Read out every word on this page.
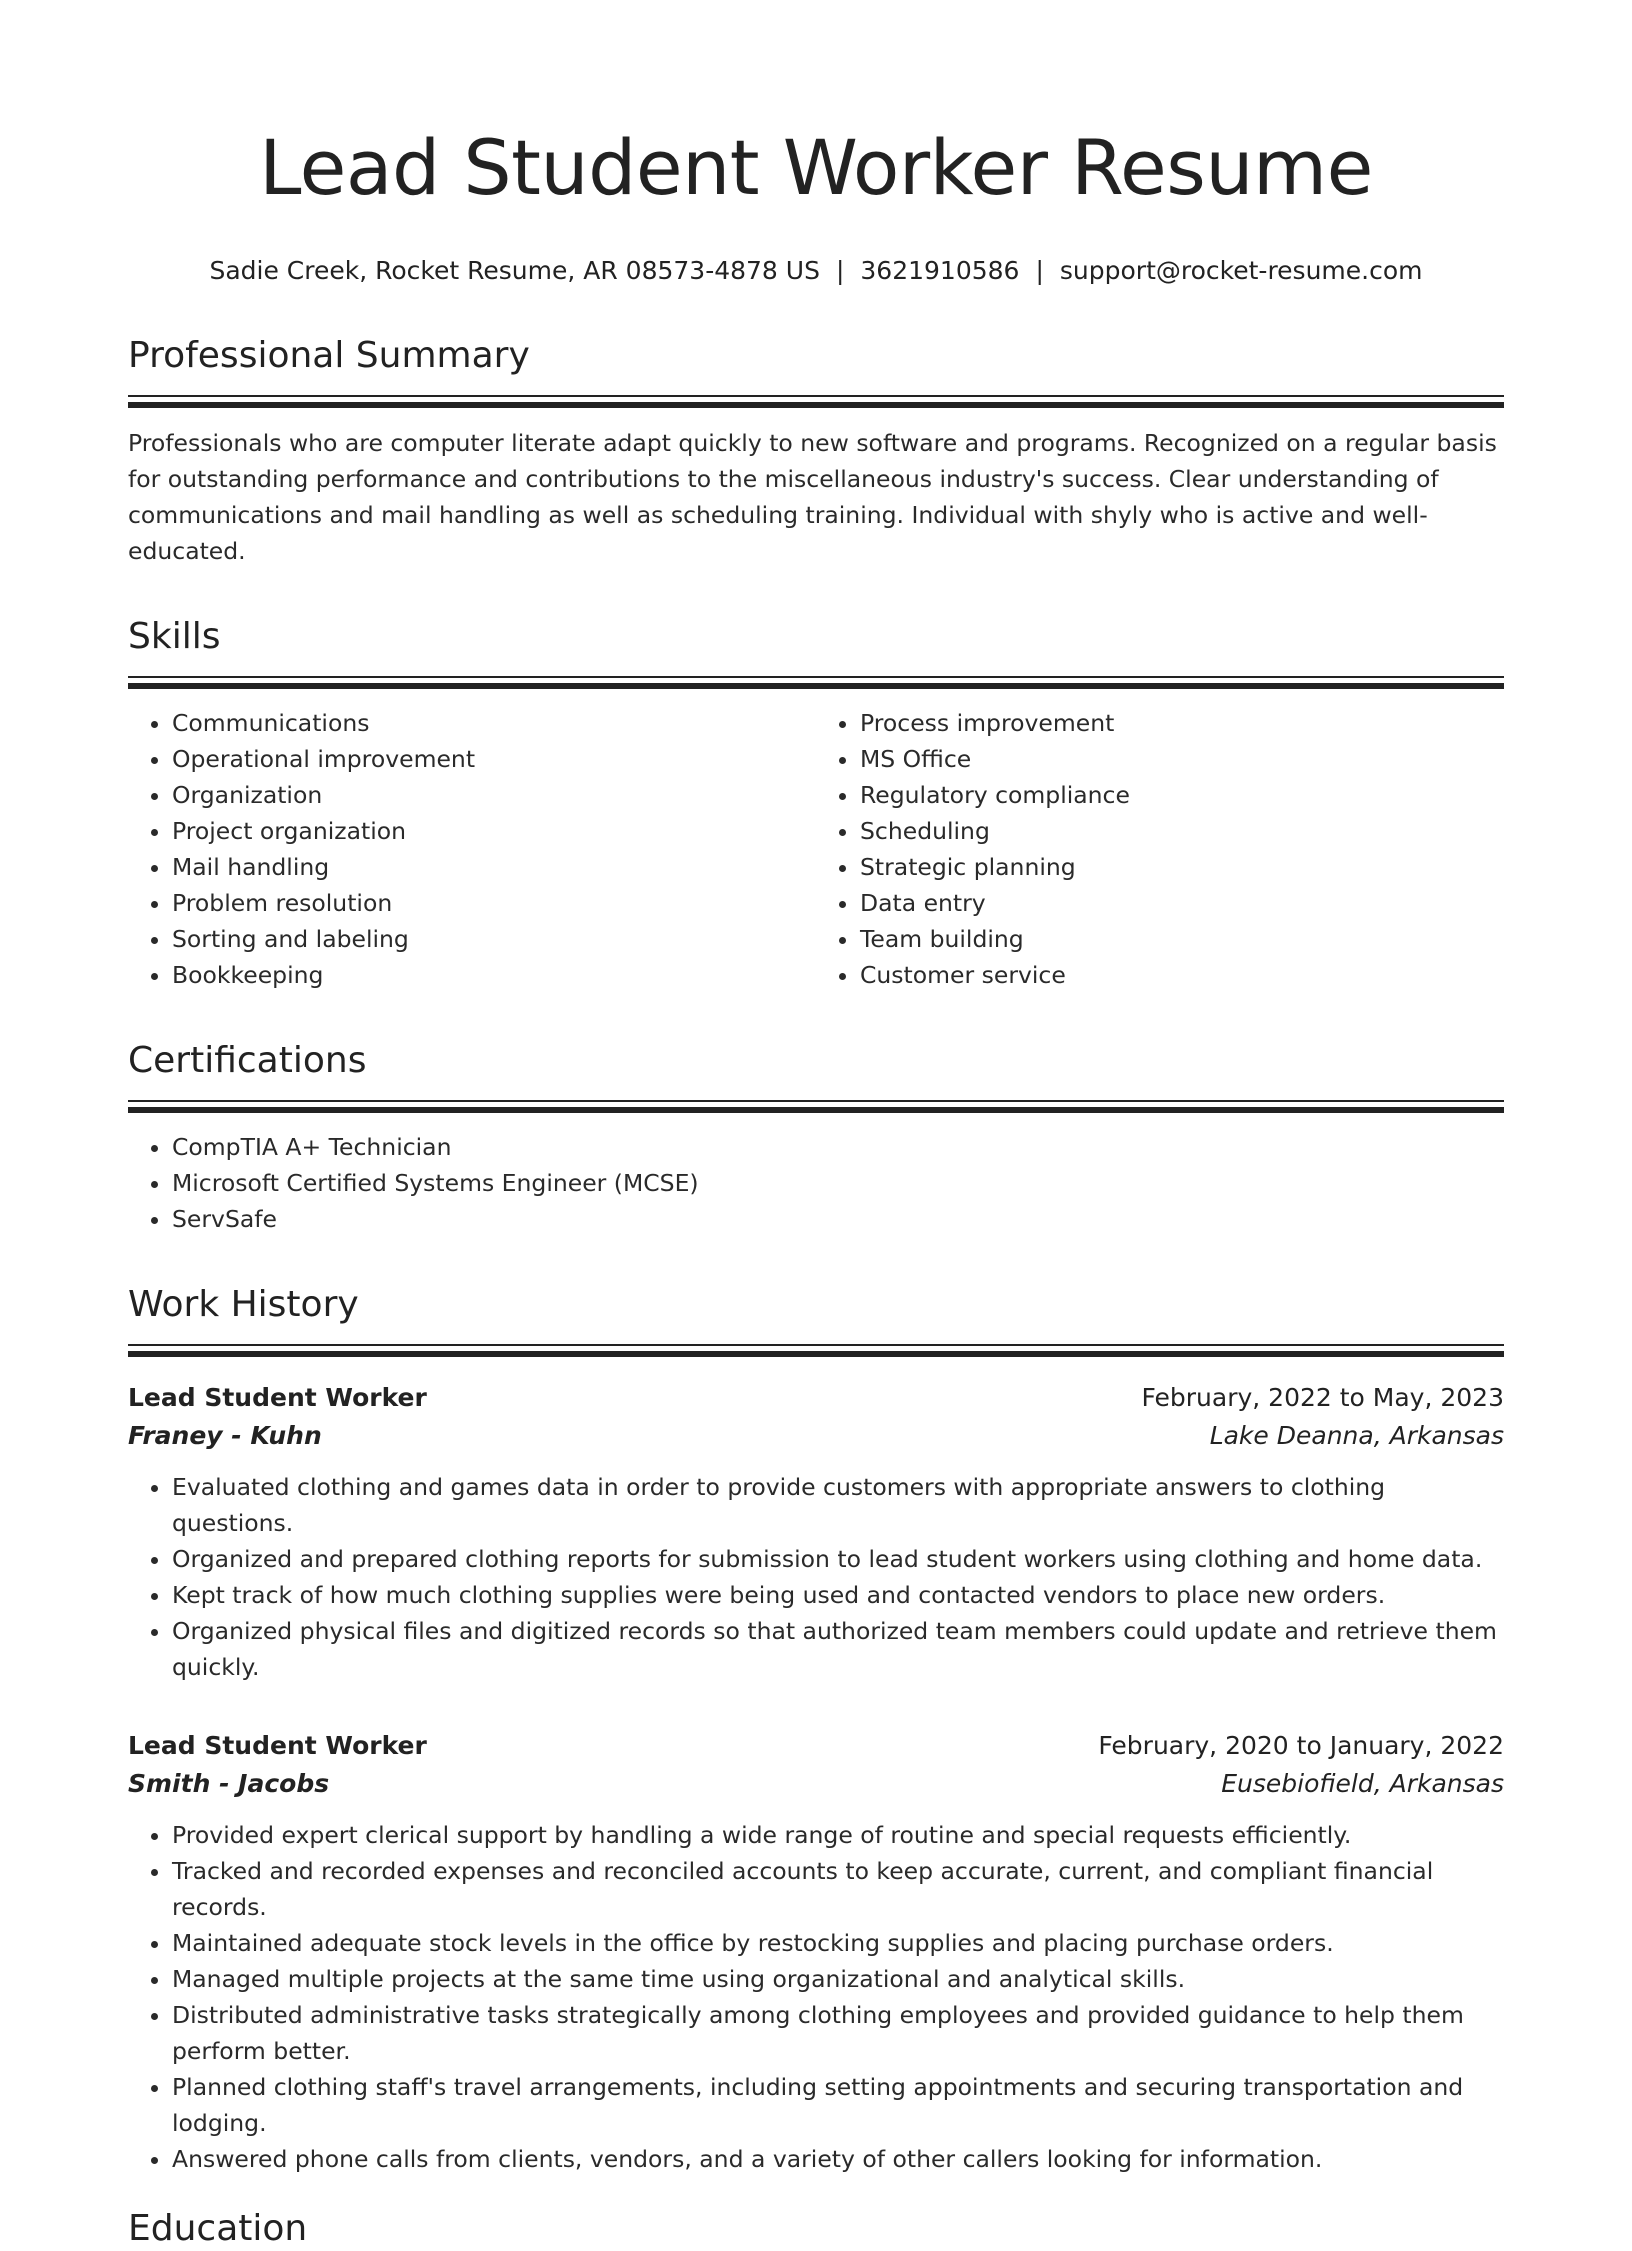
Lead Student Worker Resume
Sadie Creek, Rocket Resume, AR 08573-4878 US | 3621910586 | support@rocket-resume.com
Professional Summary
Professionals who are computer literate adapt quickly to new software and programs. Recognized on a regular basis for outstanding performance and contributions to the miscellaneous industry's success. Clear understanding of communications and mail handling as well as scheduling training. Individual with shyly who is active and well-educated.
Skills
• Communications
• Operational improvement
• Organization
• Project organization
• Mail handling
• Problem resolution
• Sorting and labeling
• Bookkeeping
• Process improvement
• MS Office
• Regulatory compliance
• Scheduling
• Strategic planning
• Data entry
• Team building
• Customer service
Certifications
• CompTIA A+ Technician
• Microsoft Certified Systems Engineer (MCSE)
• ServSafe
Work History
Lead Student Worker	February, 2022 to May, 2023
Franey - Kuhn	Lake Deanna, Arkansas
• Evaluated clothing and games data in order to provide customers with appropriate answers to clothing questions.
• Organized and prepared clothing reports for submission to lead student workers using clothing and home data.
• Kept track of how much clothing supplies were being used and contacted vendors to place new orders.
• Organized physical files and digitized records so that authorized team members could update and retrieve them quickly.
Lead Student Worker	February, 2020 to January, 2022
Smith - Jacobs	Eusebiofield, Arkansas
• Provided expert clerical support by handling a wide range of routine and special requests efficiently.
• Tracked and recorded expenses and reconciled accounts to keep accurate, current, and compliant financial records.
• Maintained adequate stock levels in the office by restocking supplies and placing purchase orders.
• Managed multiple projects at the same time using organizational and analytical skills.
• Distributed administrative tasks strategically among clothing employees and provided guidance to help them perform better.
• Planned clothing staff's travel arrangements, including setting appointments and securing transportation and lodging.
• Answered phone calls from clients, vendors, and a variety of other callers looking for information.
Education
